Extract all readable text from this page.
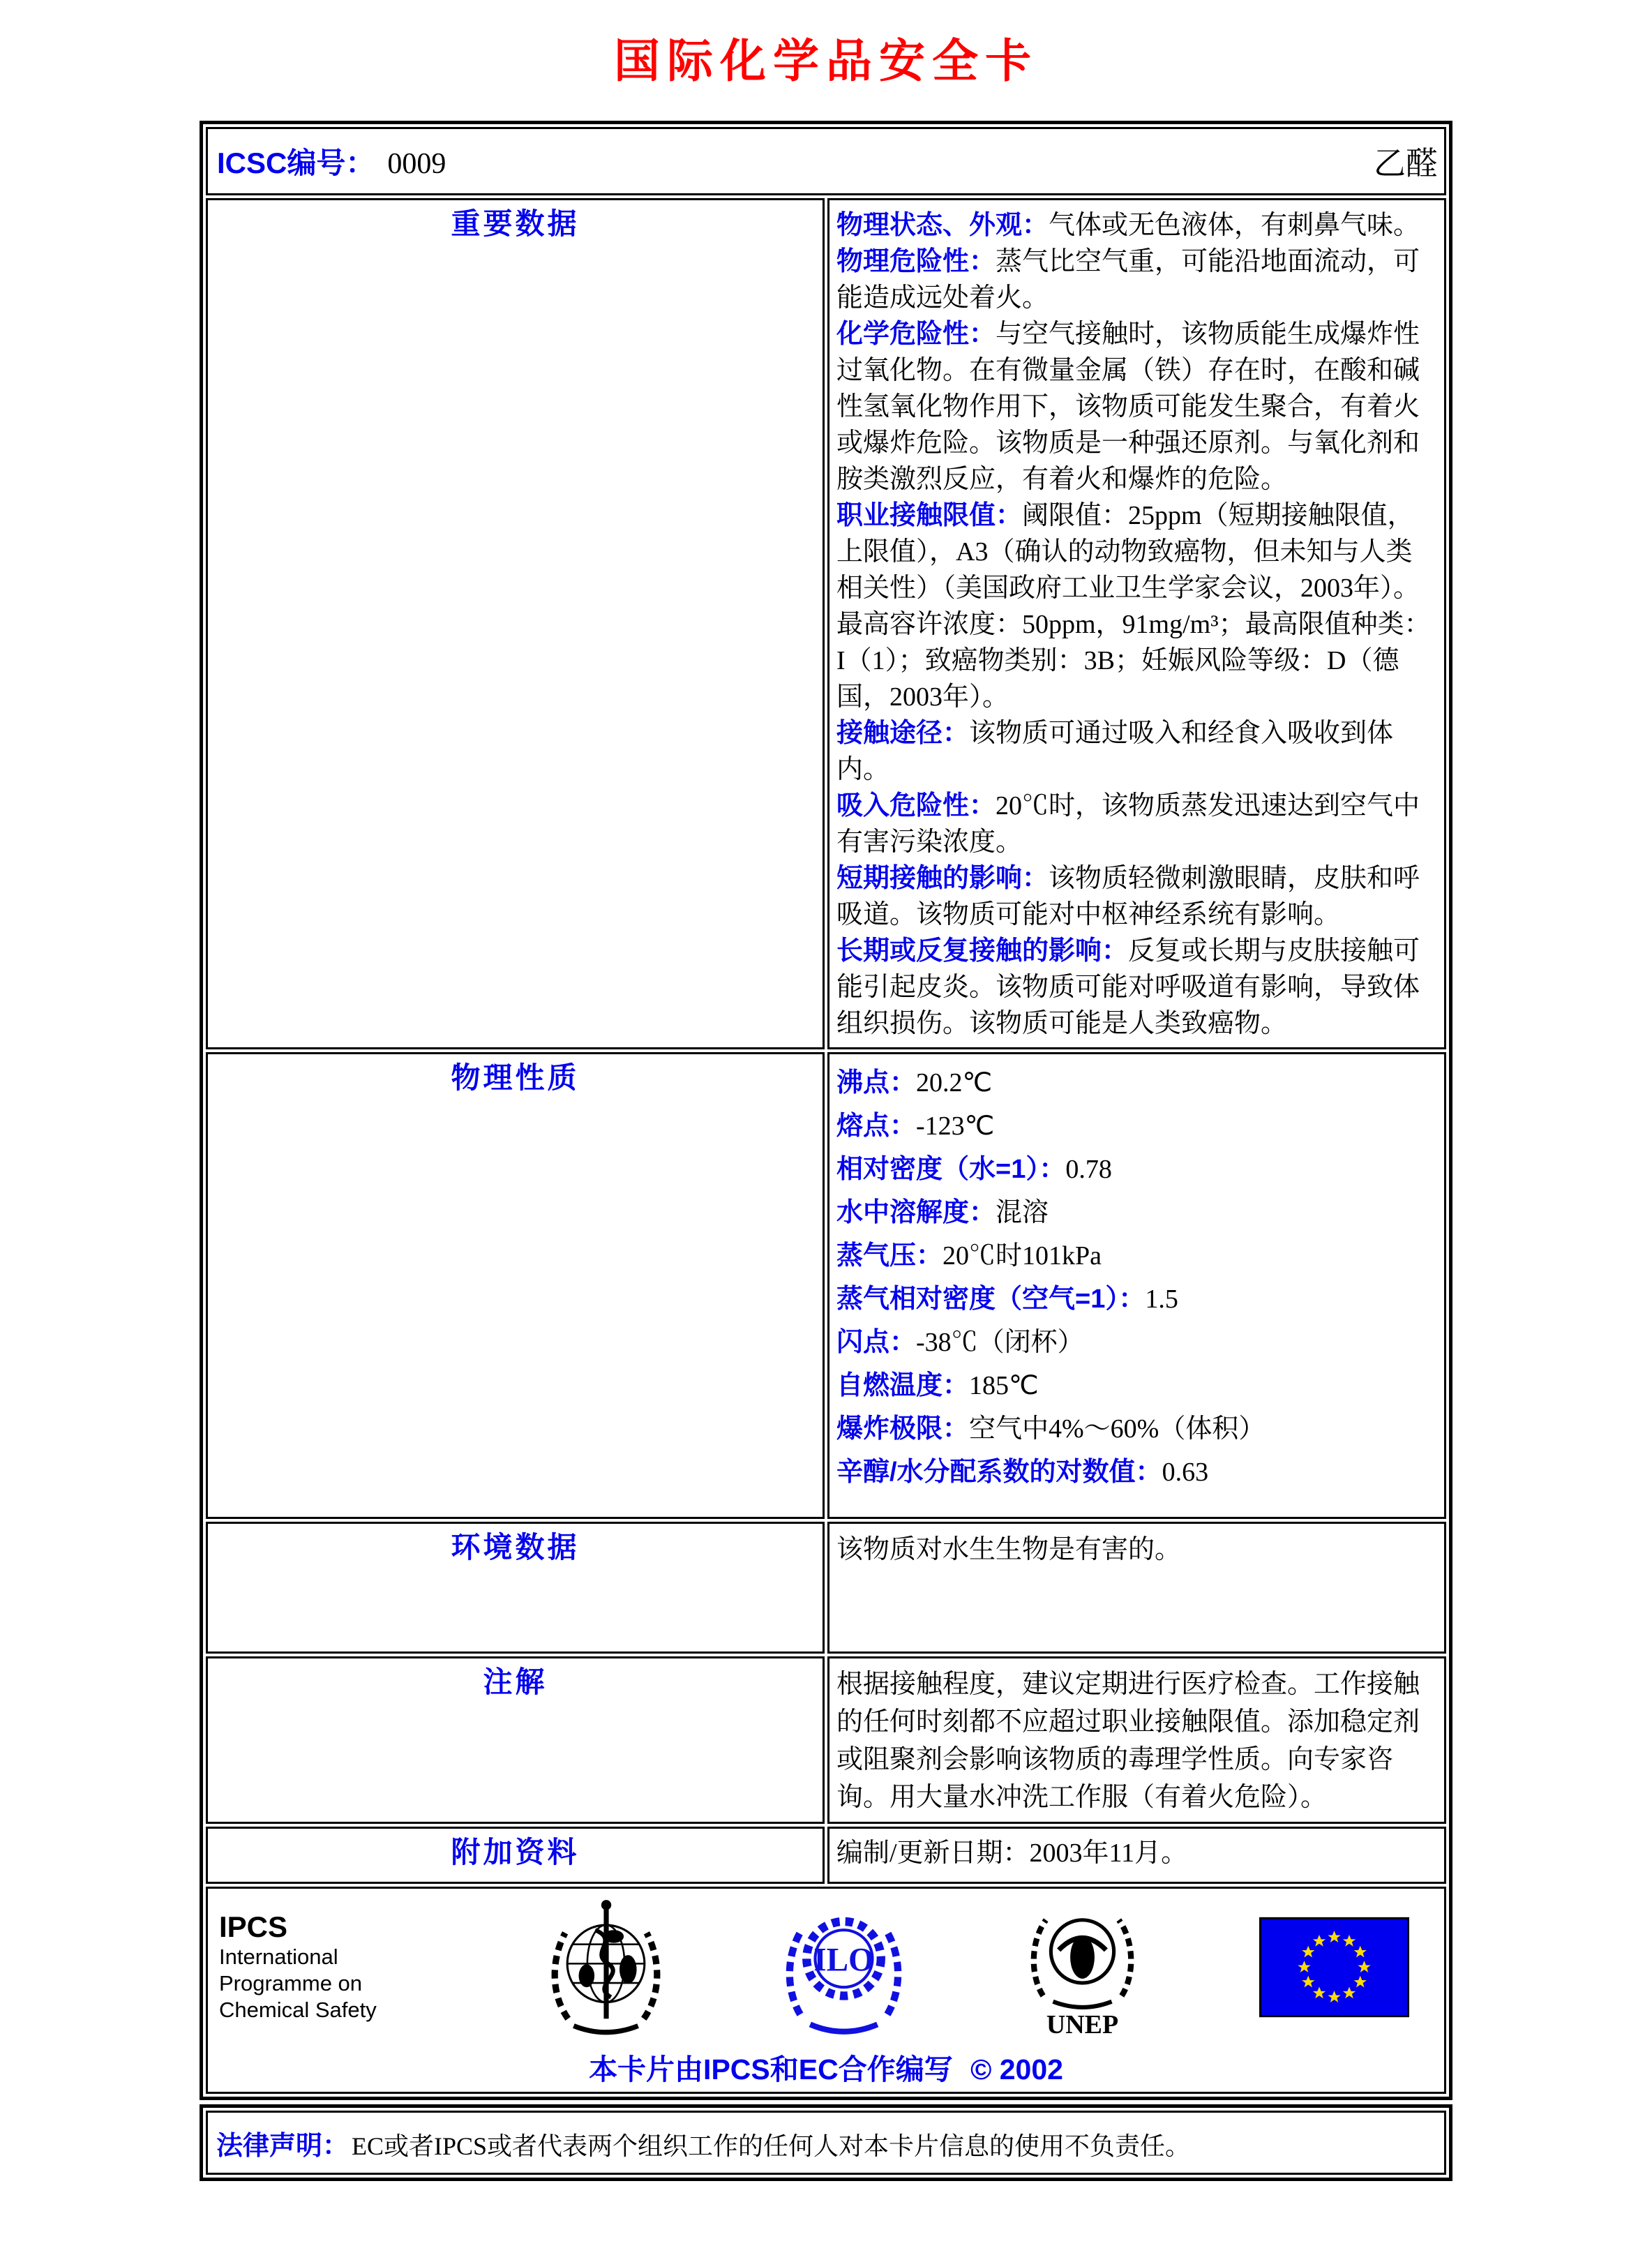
国际化学品安全卡
ICSC编号： 0009 乙醛	

重要数据	物理状态、外观：气体或无色液体，有刺鼻气味。
物理危险性：蒸气比空气重，可能沿地面流动，可能造成远处着火。
化学危险性：与空气接触时，该物质能生成爆炸性过氧化物。在有微量金属（铁）存在时，在酸和碱性氢氧化物作用下，该物质可能发生聚合，有着火或爆炸危险。该物质是一种强还原剂。与氧化剂和胺类激烈反应，有着火和爆炸的危险。
职业接触限值：阈限值：25ppm（短期接触限值，上限值），A3（确认的动物致癌物，但未知与人类相关性）（美国政府工业卫生学家会议，2003年）。最高容许浓度：50ppm，91mg/m³；最高限值种类：I（1）；致癌物类别：3B；妊娠风险等级：D（德国，2003年）。
接触途径：该物质可通过吸入和经食入吸收到体内。
吸入危险性：20℃时，该物质蒸发迅速达到空气中有害污染浓度。
短期接触的影响：该物质轻微刺激眼睛，皮肤和呼吸道。该物质可能对中枢神经系统有影响。
长期或反复接触的影响：反复或长期与皮肤接触可能引起皮炎。该物质可能对呼吸道有影响，导致体组织损伤。该物质可能是人类致癌物。

物理性质	沸点：20.2℃
熔点：-123℃
相对密度（水=1）：0.78
水中溶解度：混溶
蒸气压：20℃时101kPa
蒸气相对密度（空气=1）：1.5
闪点：-38℃（闭杯）
自燃温度：185℃
爆炸极限：空气中4%～60%（体积）
辛醇/水分配系数的对数值：0.63

环境数据	该物质对水生生物是有害的。

注解	根据接触程度，建议定期进行医疗检查。工作接触的任何时刻都不应超过职业接触限值。添加稳定剂或阻聚剂会影响该物质的毒理学性质。向专家咨询。用大量水冲洗工作服（有着火危险）。

附加资料	编制/更新日期：2003年11月。

IPCS
International
Programme on
Chemical Safety
ILO
UNEP
本卡片由IPCS和EC合作编写 © 2002
法律声明： EC或者IPCS或者代表两个组织工作的任何人对本卡片信息的使用不负责任。
